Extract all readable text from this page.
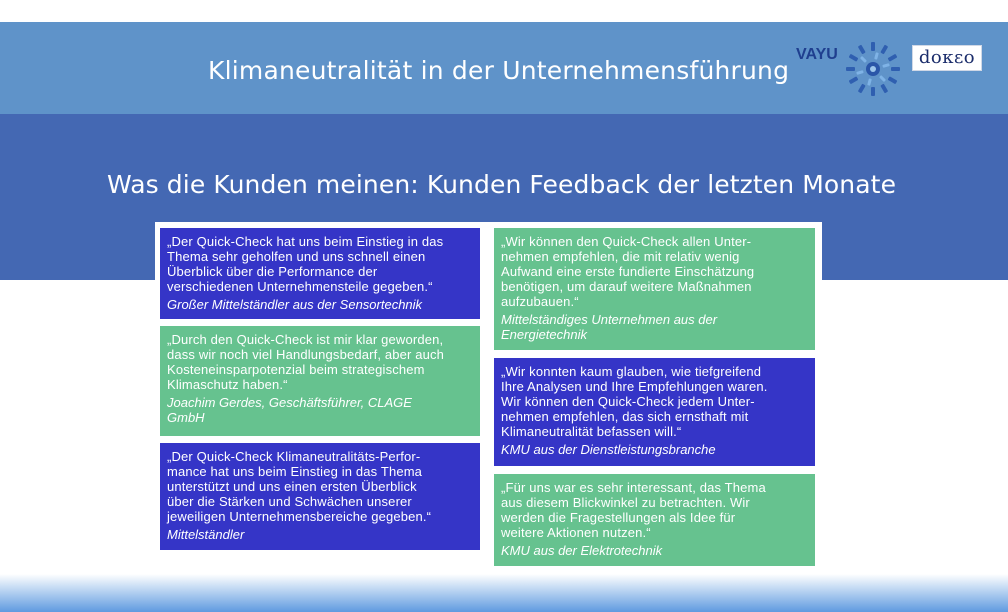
Klimaneutralität in der Unternehmensführung
VAYU	doκεο
Was die Kunden meinen: Kunden Feedback der letzten Monate
„Der Quick-Check hat uns beim Einstieg in das
Thema sehr geholfen und uns schnell einen
Überblick über die Performance der
verschiedenen Unternehmensteile gegeben.“
Großer Mittelständler aus der Sensortechnik
„Durch den Quick-Check ist mir klar geworden,
dass wir noch viel Handlungsbedarf, aber auch
Kosteneinsparpotenzial beim strategischem
Klimaschutz haben.“
Joachim Gerdes, Geschäftsführer, CLAGE
GmbH
„Der Quick-Check Klimaneutralitäts-Perfor-
mance hat uns beim Einstieg in das Thema
unterstützt und uns einen ersten Überblick
über die Stärken und Schwächen unserer
jeweiligen Unternehmensbereiche gegeben.“
Mittelständler
„Wir können den Quick-Check allen Unter-
nehmen empfehlen, die mit relativ wenig
Aufwand eine erste fundierte Einschätzung
benötigen, um darauf weitere Maßnahmen
aufzubauen.“
Mittelständiges Unternehmen aus der
Energietechnik
„Wir konnten kaum glauben, wie tiefgreifend
Ihre Analysen und Ihre Empfehlungen waren.
Wir können den Quick-Check jedem Unter-
nehmen empfehlen, das sich ernsthaft mit
Klimaneutralität befassen will.“
KMU aus der Dienstleistungsbranche
„Für uns war es sehr interessant, das Thema
aus diesem Blickwinkel zu betrachten. Wir
werden die Fragestellungen als Idee für
weitere Aktionen nutzen.“
KMU aus der Elektrotechnik
